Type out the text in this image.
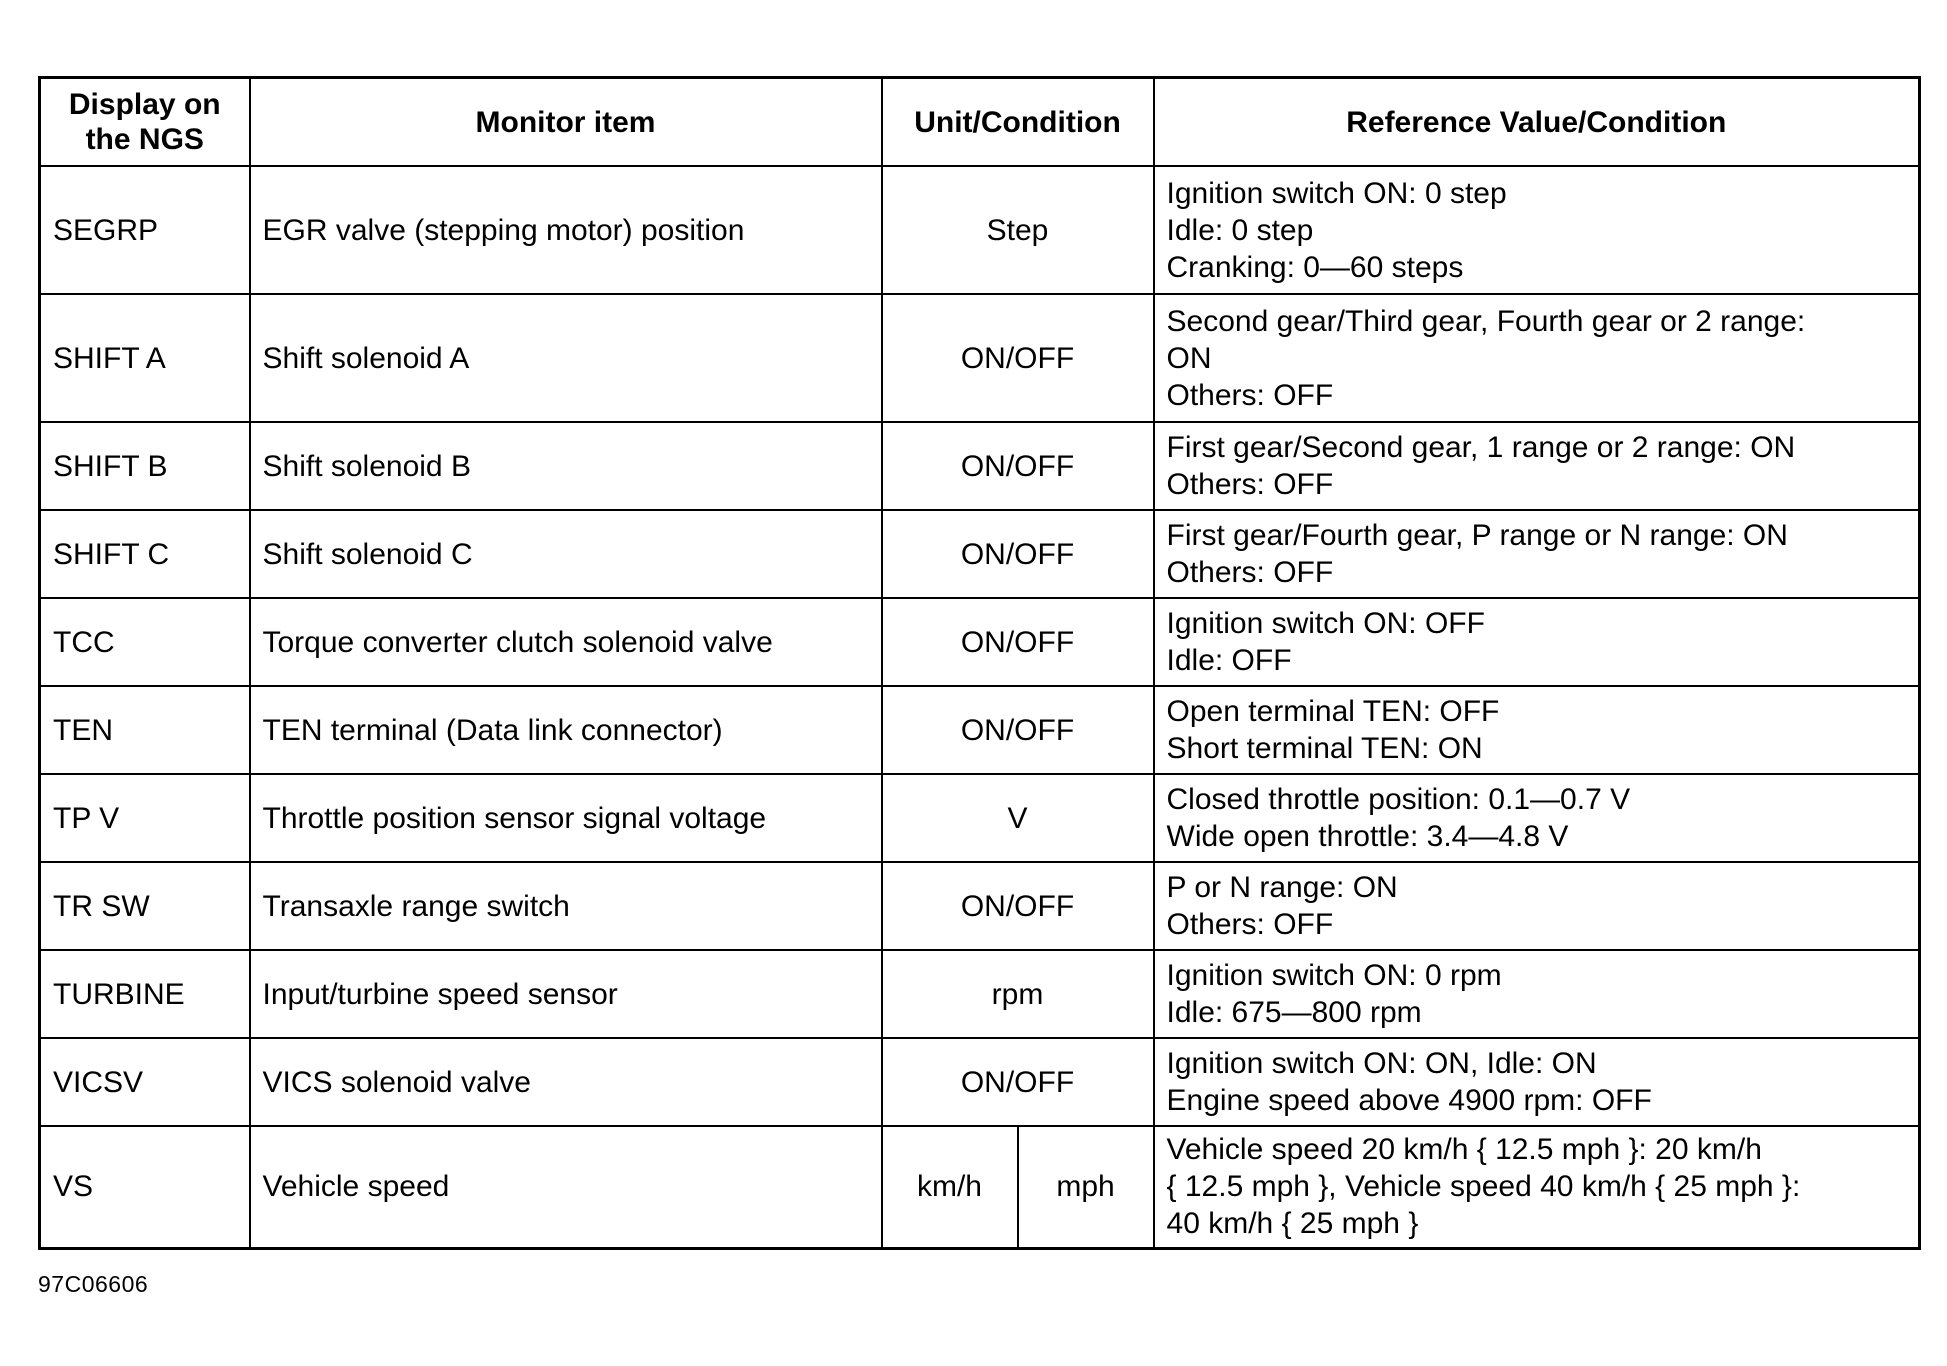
Display on
the NGS	Monitor item	Unit/Condition		Reference Value/Condition
SEGRP	EGR valve (stepping motor) position	Step		Ignition switch ON: 0 step
Idle: 0 step
Cranking: 0—60 steps

SHIFT A	Shift solenoid A	ON/OFF		Second gear/Third gear, Fourth gear or 2 range:
ON
Others: OFF

SHIFT B	Shift solenoid B	ON/OFF		First gear/Second gear, 1 range or 2 range: ON
Others: OFF

SHIFT C	Shift solenoid C	ON/OFF		First gear/Fourth gear, P range or N range: ON
Others: OFF

TCC	Torque converter clutch solenoid valve	ON/OFF		Ignition switch ON: OFF
Idle: OFF

TEN	TEN terminal (Data link connector)	ON/OFF		Open terminal TEN: OFF
Short terminal TEN: ON

TP V	Throttle position sensor signal voltage	V		Closed throttle position: 0.1—0.7 V
Wide open throttle: 3.4—4.8 V

TR SW	Transaxle range switch	ON/OFF		P or N range: ON
Others: OFF

TURBINE	Input/turbine speed sensor	rpm		Ignition switch ON: 0 rpm
Idle: 675—800 rpm

VICSV	VICS solenoid valve	ON/OFF		Ignition switch ON: ON, Idle: ON
Engine speed above 4900 rpm: OFF

VS	Vehicle speed	km/h	mph	Vehicle speed 20 km/h { 12.5 mph }: 20 km/h
{ 12.5 mph }, Vehicle speed 40 km/h { 25 mph }:
40 km/h { 25 mph }
97C06606
